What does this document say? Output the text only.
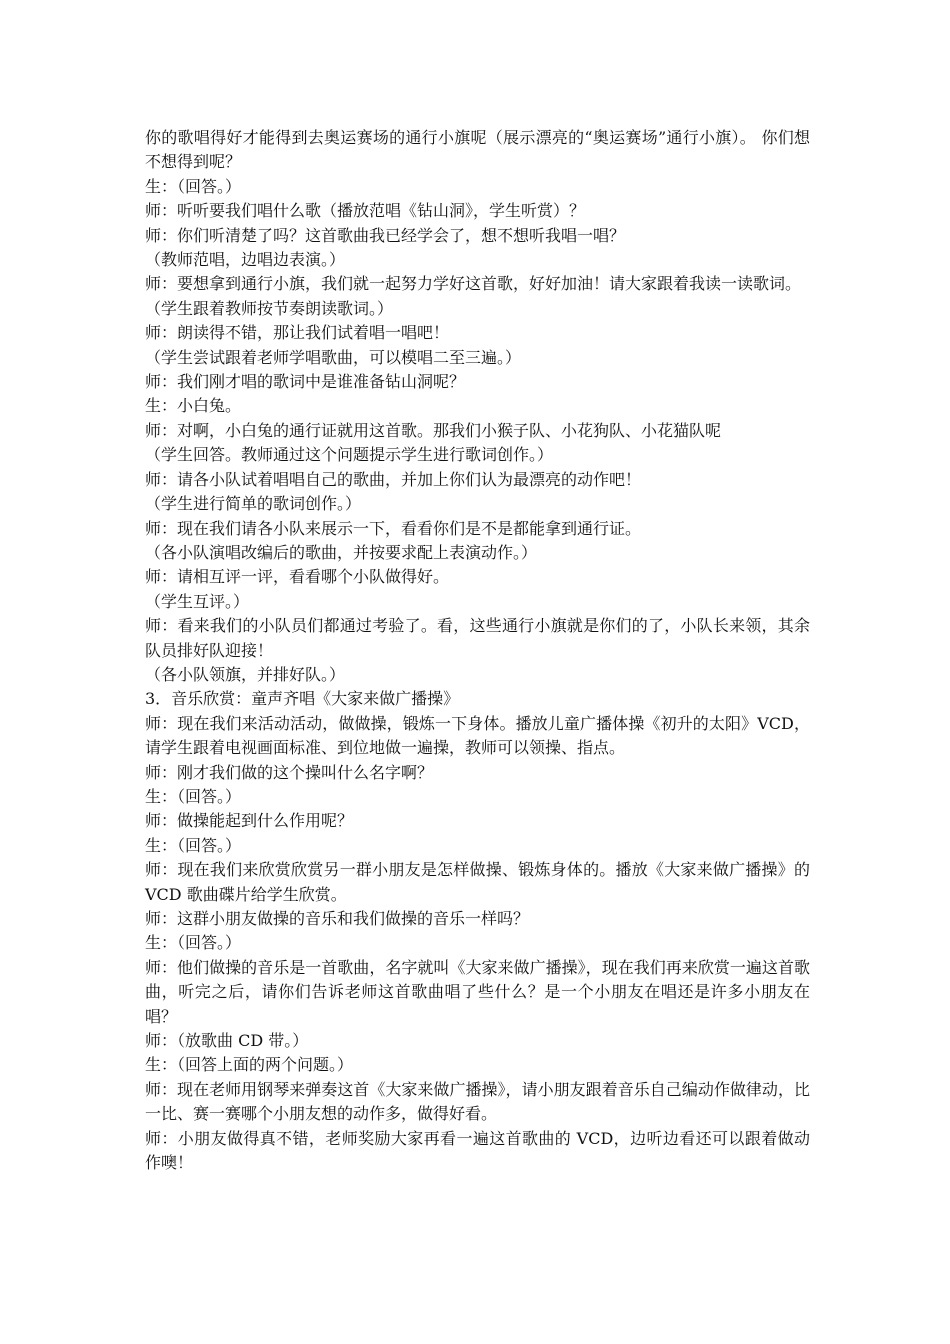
你的歌唱得好才能得到去奥运赛场的通行小旗呢（展示漂亮的“奥运赛场”通行小旗）。 你们想不想得到呢？

生：（回答。）

师：听听要我们唱什么歌（播放范唱《钻山洞》，学生听赏）？

师：你们听清楚了吗？这首歌曲我已经学会了，想不想听我唱一唱？

（教师范唱，边唱边表演。）

师：要想拿到通行小旗，我们就一起努力学好这首歌，好好加油！请大家跟着我读一读歌词。

（学生跟着教师按节奏朗读歌词。）

师：朗读得不错，那让我们试着唱一唱吧！

（学生尝试跟着老师学唱歌曲，可以模唱二至三遍。）

师：我们刚才唱的歌词中是谁准备钻山洞呢？

生：小白兔。

师：对啊，小白兔的通行证就用这首歌。那我们小猴子队、小花狗队、小花猫队呢

（学生回答。教师通过这个问题提示学生进行歌词创作。）

师：请各小队试着唱唱自己的歌曲，并加上你们认为最漂亮的动作吧！

（学生进行简单的歌词创作。）

师：现在我们请各小队来展示一下，看看你们是不是都能拿到通行证。

（各小队演唱改编后的歌曲，并按要求配上表演动作。）

师：请相互评一评，看看哪个小队做得好。

（学生互评。）

师：看来我们的小队员们都通过考验了。看，这些通行小旗就是你们的了，小队长来领，其余队员排好队迎接！

（各小队领旗，并排好队。）

3．音乐欣赏：童声齐唱《大家来做广播操》

师：现在我们来活动活动，做做操，锻炼一下身体。播放儿童广播体操《初升的太阳》VCD，请学生跟着电视画面标准、到位地做一遍操，教师可以领操、指点。

师：刚才我们做的这个操叫什么名字啊？

生：（回答。）

师：做操能起到什么作用呢？

生：（回答。）

师：现在我们来欣赏欣赏另一群小朋友是怎样做操、锻炼身体的。播放《大家来做广播操》的 VCD 歌曲碟片给学生欣赏。

师：这群小朋友做操的音乐和我们做操的音乐一样吗？

生：（回答。）

师：他们做操的音乐是一首歌曲，名字就叫《大家来做广播操》，现在我们再来欣赏一遍这首歌曲，听完之后，请你们告诉老师这首歌曲唱了些什么？是一个小朋友在唱还是许多小朋友在唱？

师：（放歌曲 CD 带。）

生：（回答上面的两个问题。）

师：现在老师用钢琴来弹奏这首《大家来做广播操》，请小朋友跟着音乐自己编动作做律动，比一比、赛一赛哪个小朋友想的动作多，做得好看。

师：小朋友做得真不错，老师奖励大家再看一遍这首歌曲的 VCD，边听边看还可以跟着做动作噢！
